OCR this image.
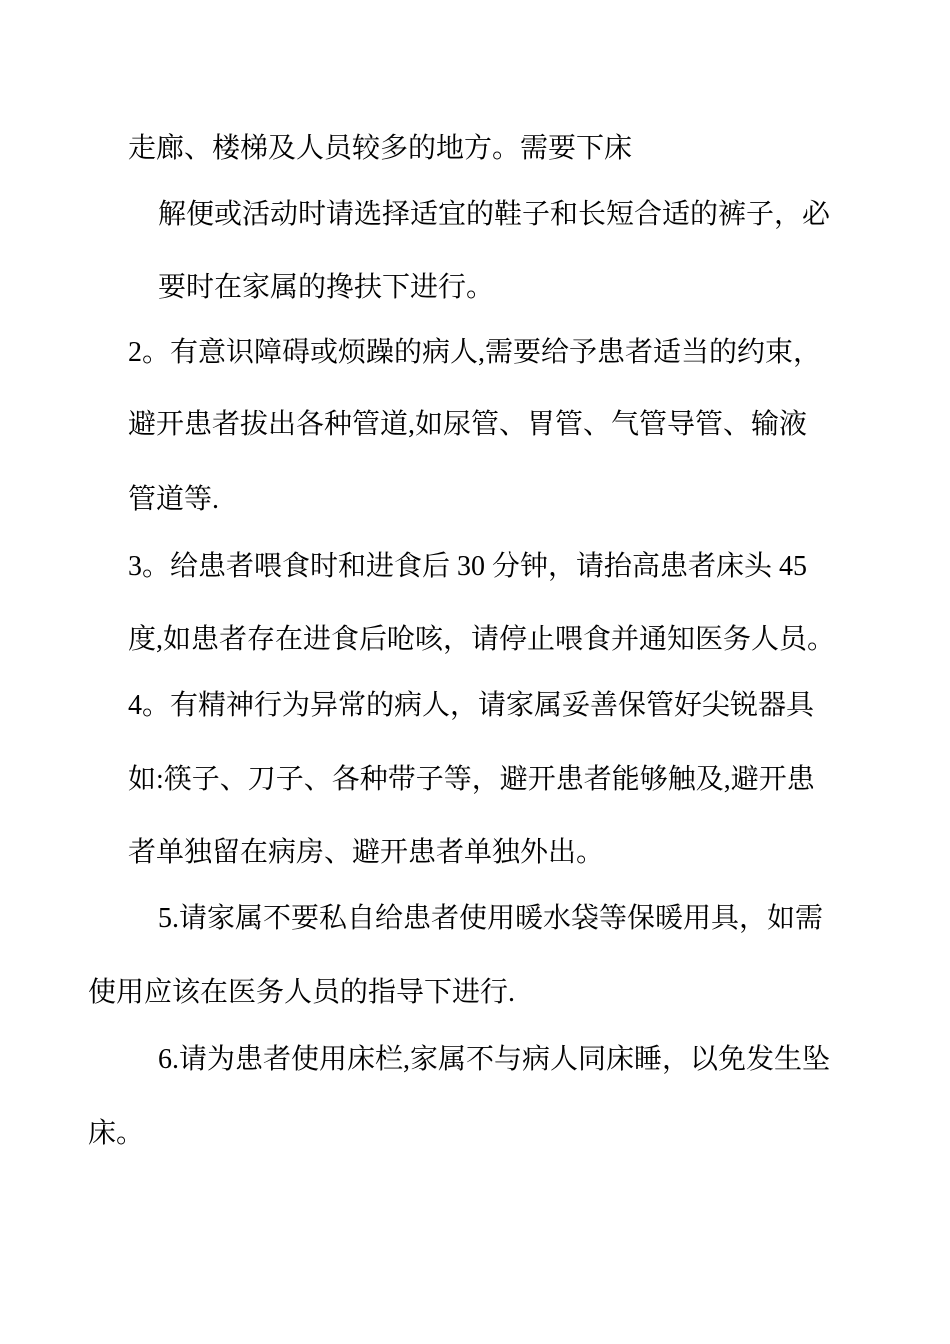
走廊、楼梯及人员较多的地方。需要下床
解便或活动时请选择适宜的鞋子和长短合适的裤子，必
要时在家属的搀扶下进行。
2。有意识障碍或烦躁的病人,需要给予患者适当的约束，
避开患者拔出各种管道,如尿管、胃管、气管导管、输液
管道等.
3。给患者喂食时和进食后 30 分钟，请抬高患者床头 45
度,如患者存在进食后呛咳，请停止喂食并通知医务人员。
4。有精神行为异常的病人，请家属妥善保管好尖锐器具
如:筷子、刀子、各种带子等，避开患者能够触及,避开患
者单独留在病房、避开患者单独外出。
5.请家属不要私自给患者使用暖水袋等保暖用具，如需
使用应该在医务人员的指导下进行.
6.请为患者使用床栏,家属不与病人同床睡，以免发生坠
床。
